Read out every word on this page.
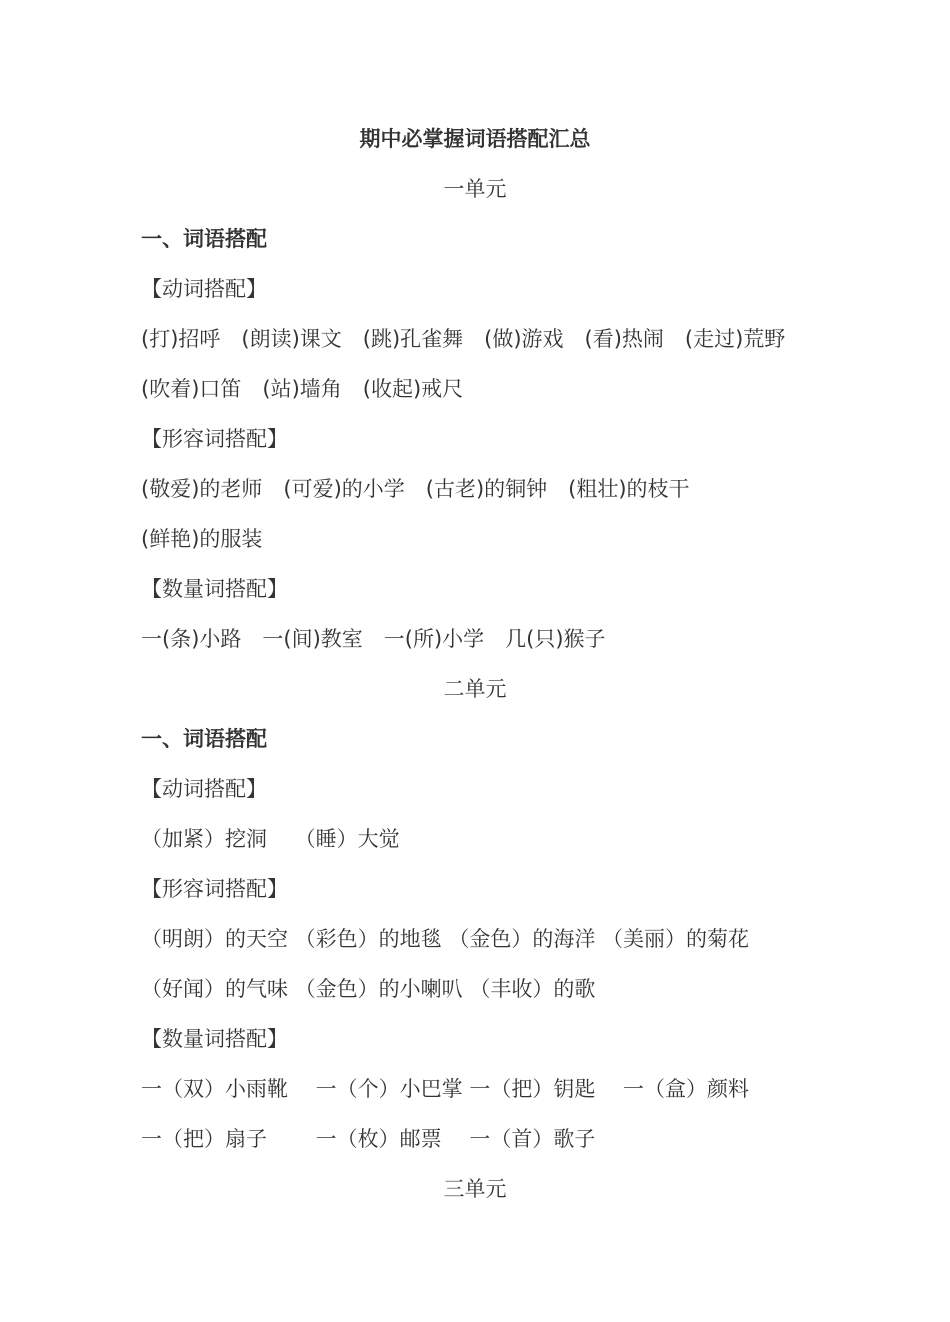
期中必掌握词语搭配汇总
一单元
一、词语搭配
【动词搭配】
(打)招呼　(朗读)课文　(跳)孔雀舞　(做)游戏　(看)热闹　(走过)荒野
(吹着)口笛　(站)墙角　(收起)戒尺
【形容词搭配】
(敬爱)的老师　(可爱)的小学　(古老)的铜钟　(粗壮)的枝干
(鲜艳)的服装
【数量词搭配】
一(条)小路　一(间)教室　一(所)小学　几(只)猴子
二单元
一、词语搭配
【动词搭配】
（加紧）挖洞　 （睡）大觉
【形容词搭配】
（明朗）的天空 （彩色）的地毯 （金色）的海洋 （美丽）的菊花
（好闻）的气味 （金色）的小喇叭 （丰收）的歌
【数量词搭配】
一（双）小雨靴　 一（个）小巴掌 一（把）钥匙　 一（盒）颜料
一（把）扇子　　 一（枚）邮票　 一（首）歌子
三单元
